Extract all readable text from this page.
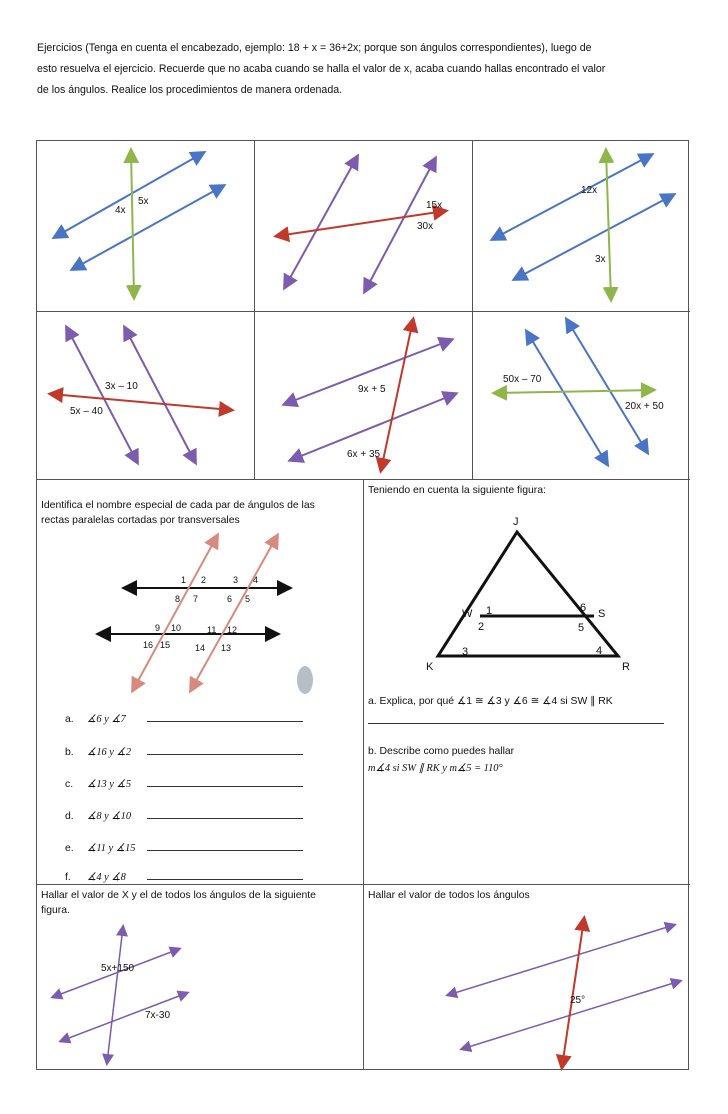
Ejercicios (Tenga en cuenta el encabezado, ejemplo: 18 + x = 36+2x; porque son ángulos correspondientes), luego de

esto resuelva el ejercicio. Recuerde que no acaba cuando se halla el valor de x, acaba cuando hallas encontrado el valor

de los ángulos. Realice los procedimientos de manera ordenada.

4x
5x	15x
30x
12x
3x
3x – 10
5x – 40
9x + 5
6x + 35
50x – 70
20x + 50
Identifica el nombre especial de cada par de ángulos de las
rectas paralelas cortadas por transversales
1 2	3 4
8 7	6 5
9 10	11 12
16 15	14 13
a. ∡6 y ∡7
b. ∡16 y ∡2
c. ∡13 y ∡5
d. ∡8 y ∡10
e. ∡11 y ∡15
f. ∡4 y ∡8
Teniendo en cuenta la siguiente figura:
J
W	S
K	R
1
2
3	4
5
6
a. Explica, por qué ∡1 ≅ ∡3 y ∡6 ≅ ∡4 si SW ∥ RK
b. Describe como puedes hallar
m∡4 si SW ∥ RK y m∡5 = 110°
Hallar el valor de X y el de todos los ángulos de la siguiente
figura.
5x+150
7x-30
Hallar el valor de todos los ángulos
25°
